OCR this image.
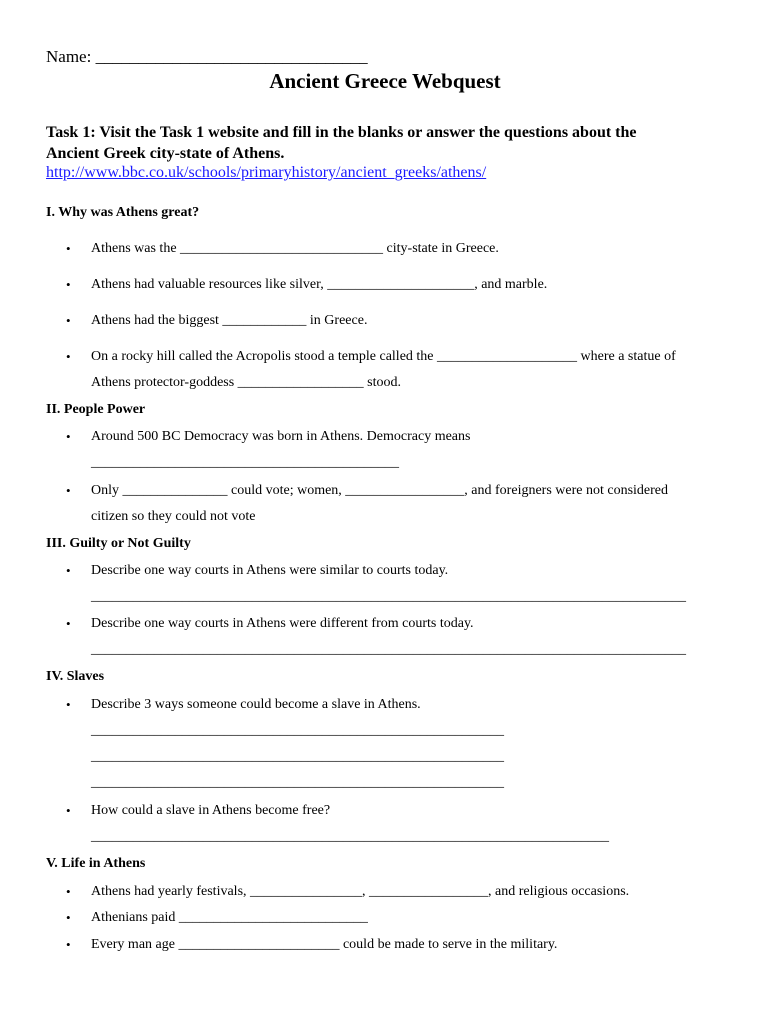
Name: ________________________________
Ancient Greece Webquest
Task 1: Visit the Task 1 website and fill in the blanks or answer the questions about the
Ancient Greek city-state of Athens.
http://www.bbc.co.uk/schools/primaryhistory/ancient_greeks/athens/
I. Why was Athens great?
• Athens was the _____________________________ city-state in Greece.
• Athens had valuable resources like silver, _____________________, and marble.
• Athens had the biggest ____________ in Greece.
• On a rocky hill called the Acropolis stood a temple called the ____________________ where a statue of
Athens protector-goddess __________________ stood.
II. People Power
• Around 500 BC Democracy was born in Athens. Democracy means
____________________________________________
• Only _______________ could vote; women, _________________, and foreigners were not considered
citizen so they could not vote
III. Guilty or Not Guilty
• Describe one way courts in Athens were similar to courts today.
_____________________________________________________________________________________
• Describe one way courts in Athens were different from courts today.
_____________________________________________________________________________________
IV. Slaves
• Describe 3 ways someone could become a slave in Athens.
___________________________________________________________
___________________________________________________________
___________________________________________________________
• How could a slave in Athens become free?
__________________________________________________________________________
V. Life in Athens
• Athens had yearly festivals, ________________, _________________, and religious occasions.
• Athenians paid ___________________________
• Every man age _______________________ could be made to serve in the military.
